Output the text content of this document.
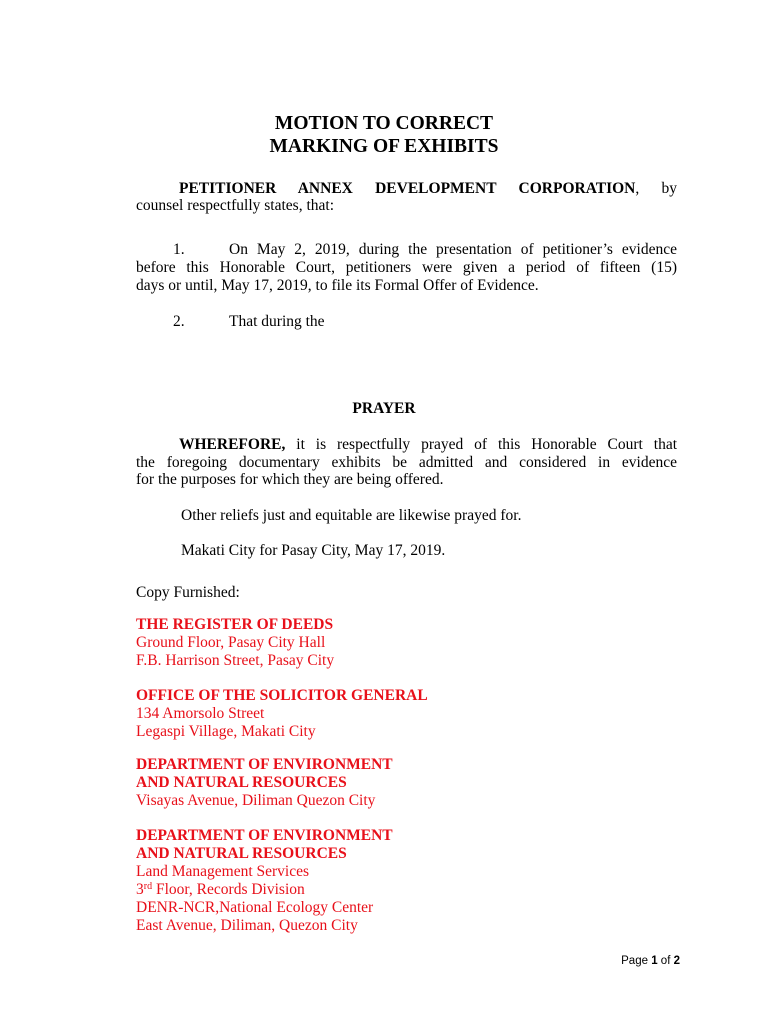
MOTION TO CORRECT
MARKING OF EXHIBITS
PETITIONER ANNEX DEVELOPMENT CORPORATION, by
counsel respectfully states, that:
1.	On May 2, 2019, during the presentation of petitioner’s evidence
before this Honorable Court, petitioners were given a period of fifteen (15)
days or until, May 17, 2019, to file its Formal Offer of Evidence.
2.	That during the
PRAYER
WHEREFORE, it is respectfully prayed of this Honorable Court that
the foregoing documentary exhibits be admitted and considered in evidence
for the purposes for which they are being offered.
Other reliefs just and equitable are likewise prayed for.
Makati City for Pasay City, May 17, 2019.
Copy Furnished:
THE REGISTER OF DEEDS
Ground Floor, Pasay City Hall
F.B. Harrison Street, Pasay City
OFFICE OF THE SOLICITOR GENERAL
134 Amorsolo Street
Legaspi Village, Makati City
DEPARTMENT OF ENVIRONMENT
AND NATURAL RESOURCES
Visayas Avenue, Diliman Quezon City
DEPARTMENT OF ENVIRONMENT
AND NATURAL RESOURCES
Land Management Services
3rd Floor, Records Division
DENR-NCR,National Ecology Center
East Avenue, Diliman, Quezon City
Page 1 of 2
